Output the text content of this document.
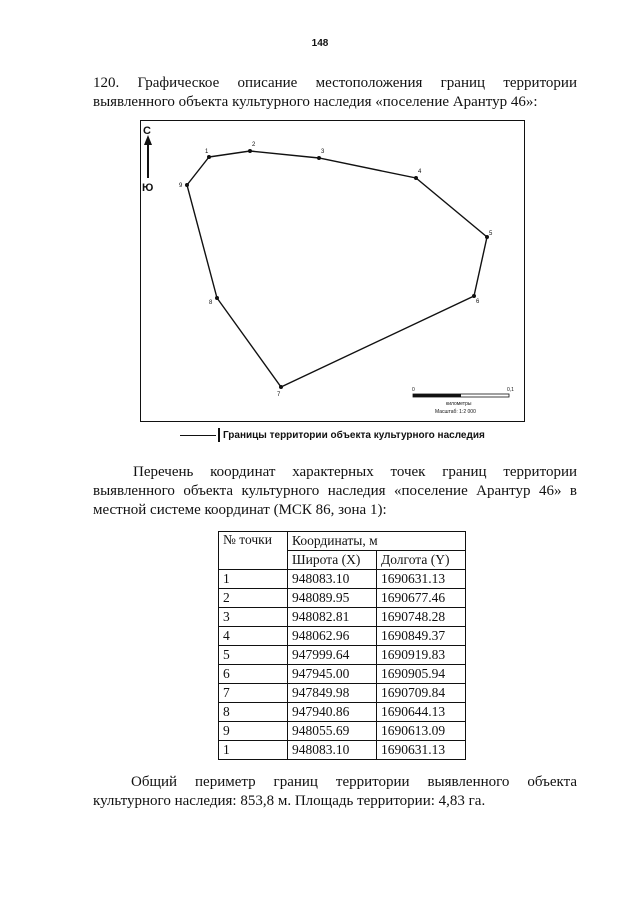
148
120. Графическое описание местоположения границ территории
выявленного объекта культурного наследия «поселение Арантур 46»:
1
2
3
4
5
6
7
8
9
С
Ю
0	0,1
километры
Масштаб: 1:2 000
Границы территории объекта культурного наследия
Перечень координат характерных точек границ территории
выявленного объекта культурного наследия «поселение Арантур 46» в
местной системе координат (МСК 86, зона 1):
№ точки	Координаты, м	
	Широта (X)	Долгота (Y)
1	948083.10	1690631.13
2	948089.95	1690677.46
3	948082.81	1690748.28
4	948062.96	1690849.37
5	947999.64	1690919.83
6	947945.00	1690905.94
7	947849.98	1690709.84
8	947940.86	1690644.13
9	948055.69	1690613.09
1	948083.10	1690631.13
Общий периметр границ территории выявленного объекта
культурного наследия: 853,8 м. Площадь территории: 4,83 га.
